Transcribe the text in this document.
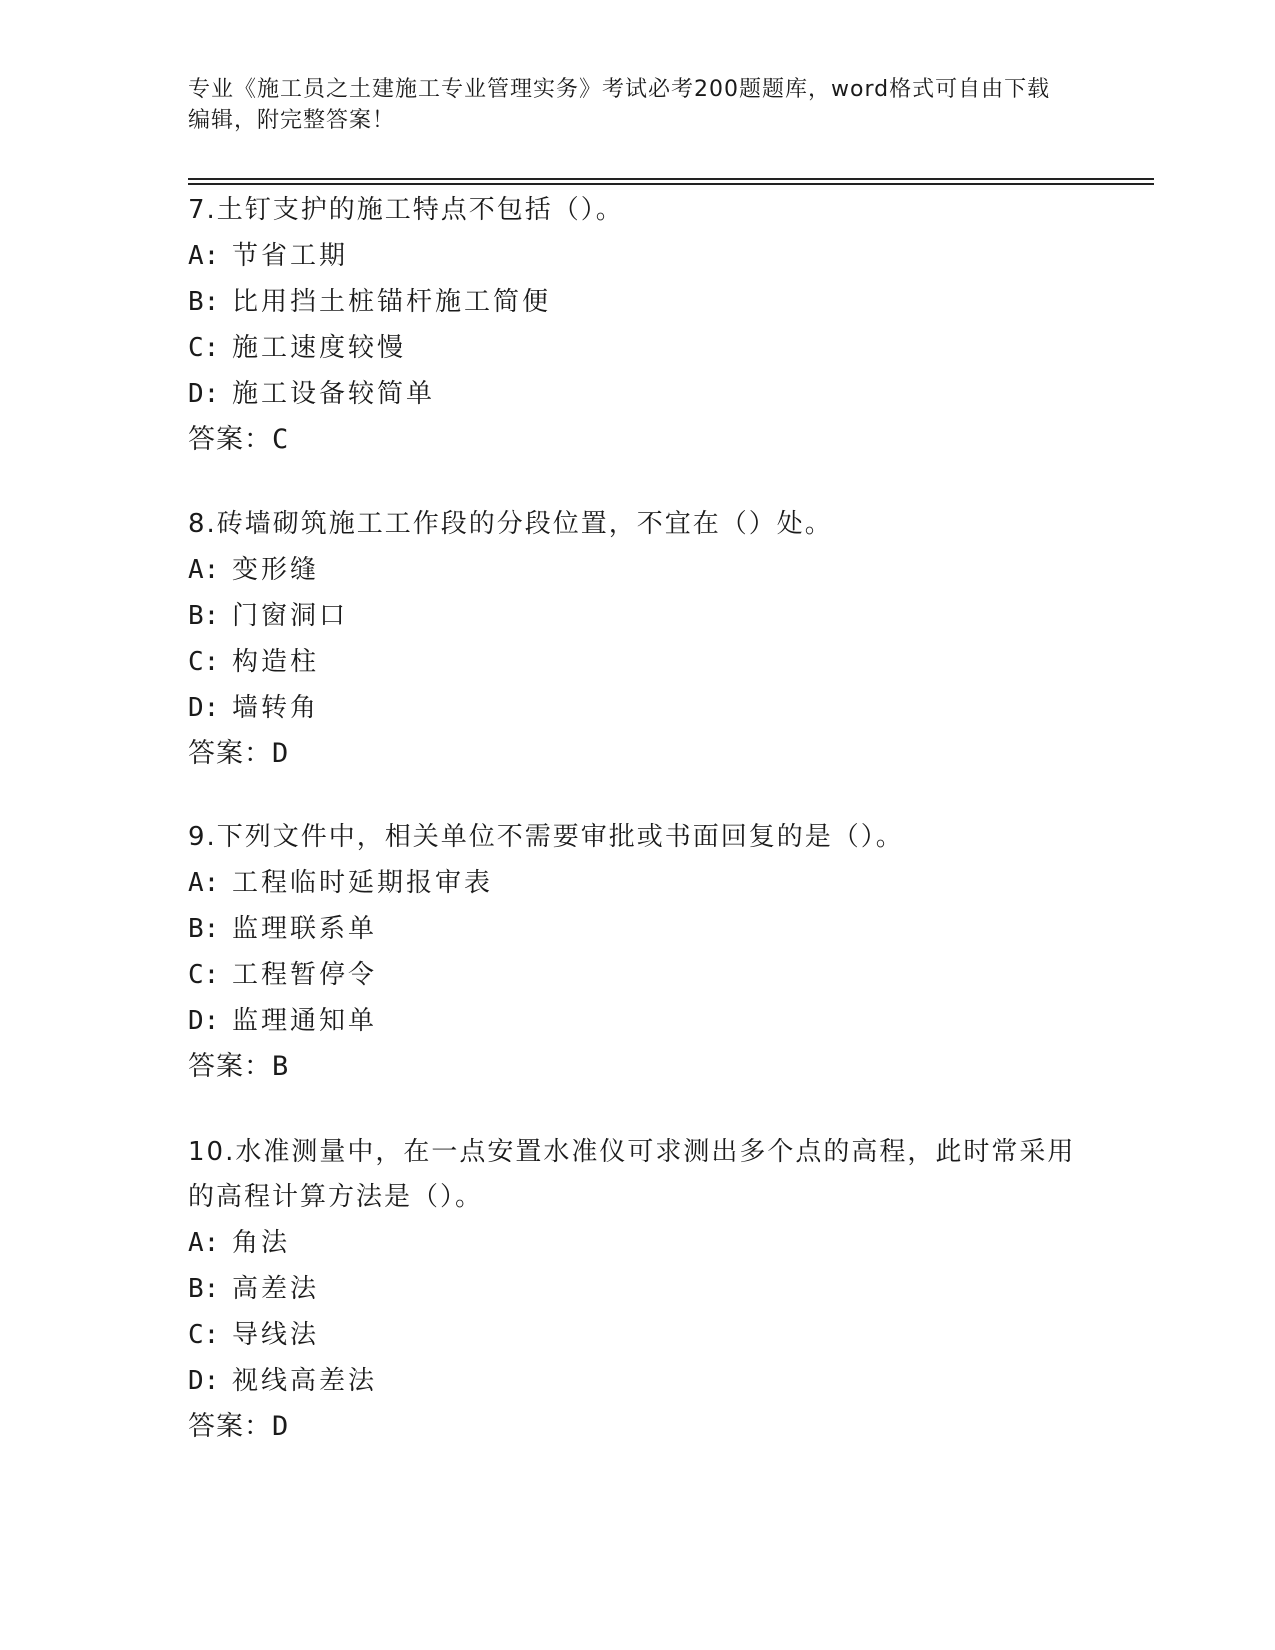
专业《施工员之土建施工专业管理实务》考试必考200题题库，word格式可自由下载编辑，附完整答案！

7.土钉支护的施工特点不包括（）。

A: 节省工期
B: 比用挡土桩锚杆施工简便
C: 施工速度较慢
D: 施工设备较简单
答案：C

8.砖墙砌筑施工工作段的分段位置，不宜在（）处。

A: 变形缝
B: 门窗洞口
C: 构造柱
D: 墙转角
答案：D

9.下列文件中，相关单位不需要审批或书面回复的是（）。

A: 工程临时延期报审表
B: 监理联系单
C: 工程暂停令
D: 监理通知单
答案：B

10.水准测量中，在一点安置水准仪可求测出多个点的高程，此时常采用的高程计算方法是（）。

A: 角法
B: 高差法
C: 导线法
D: 视线高差法
答案：D
